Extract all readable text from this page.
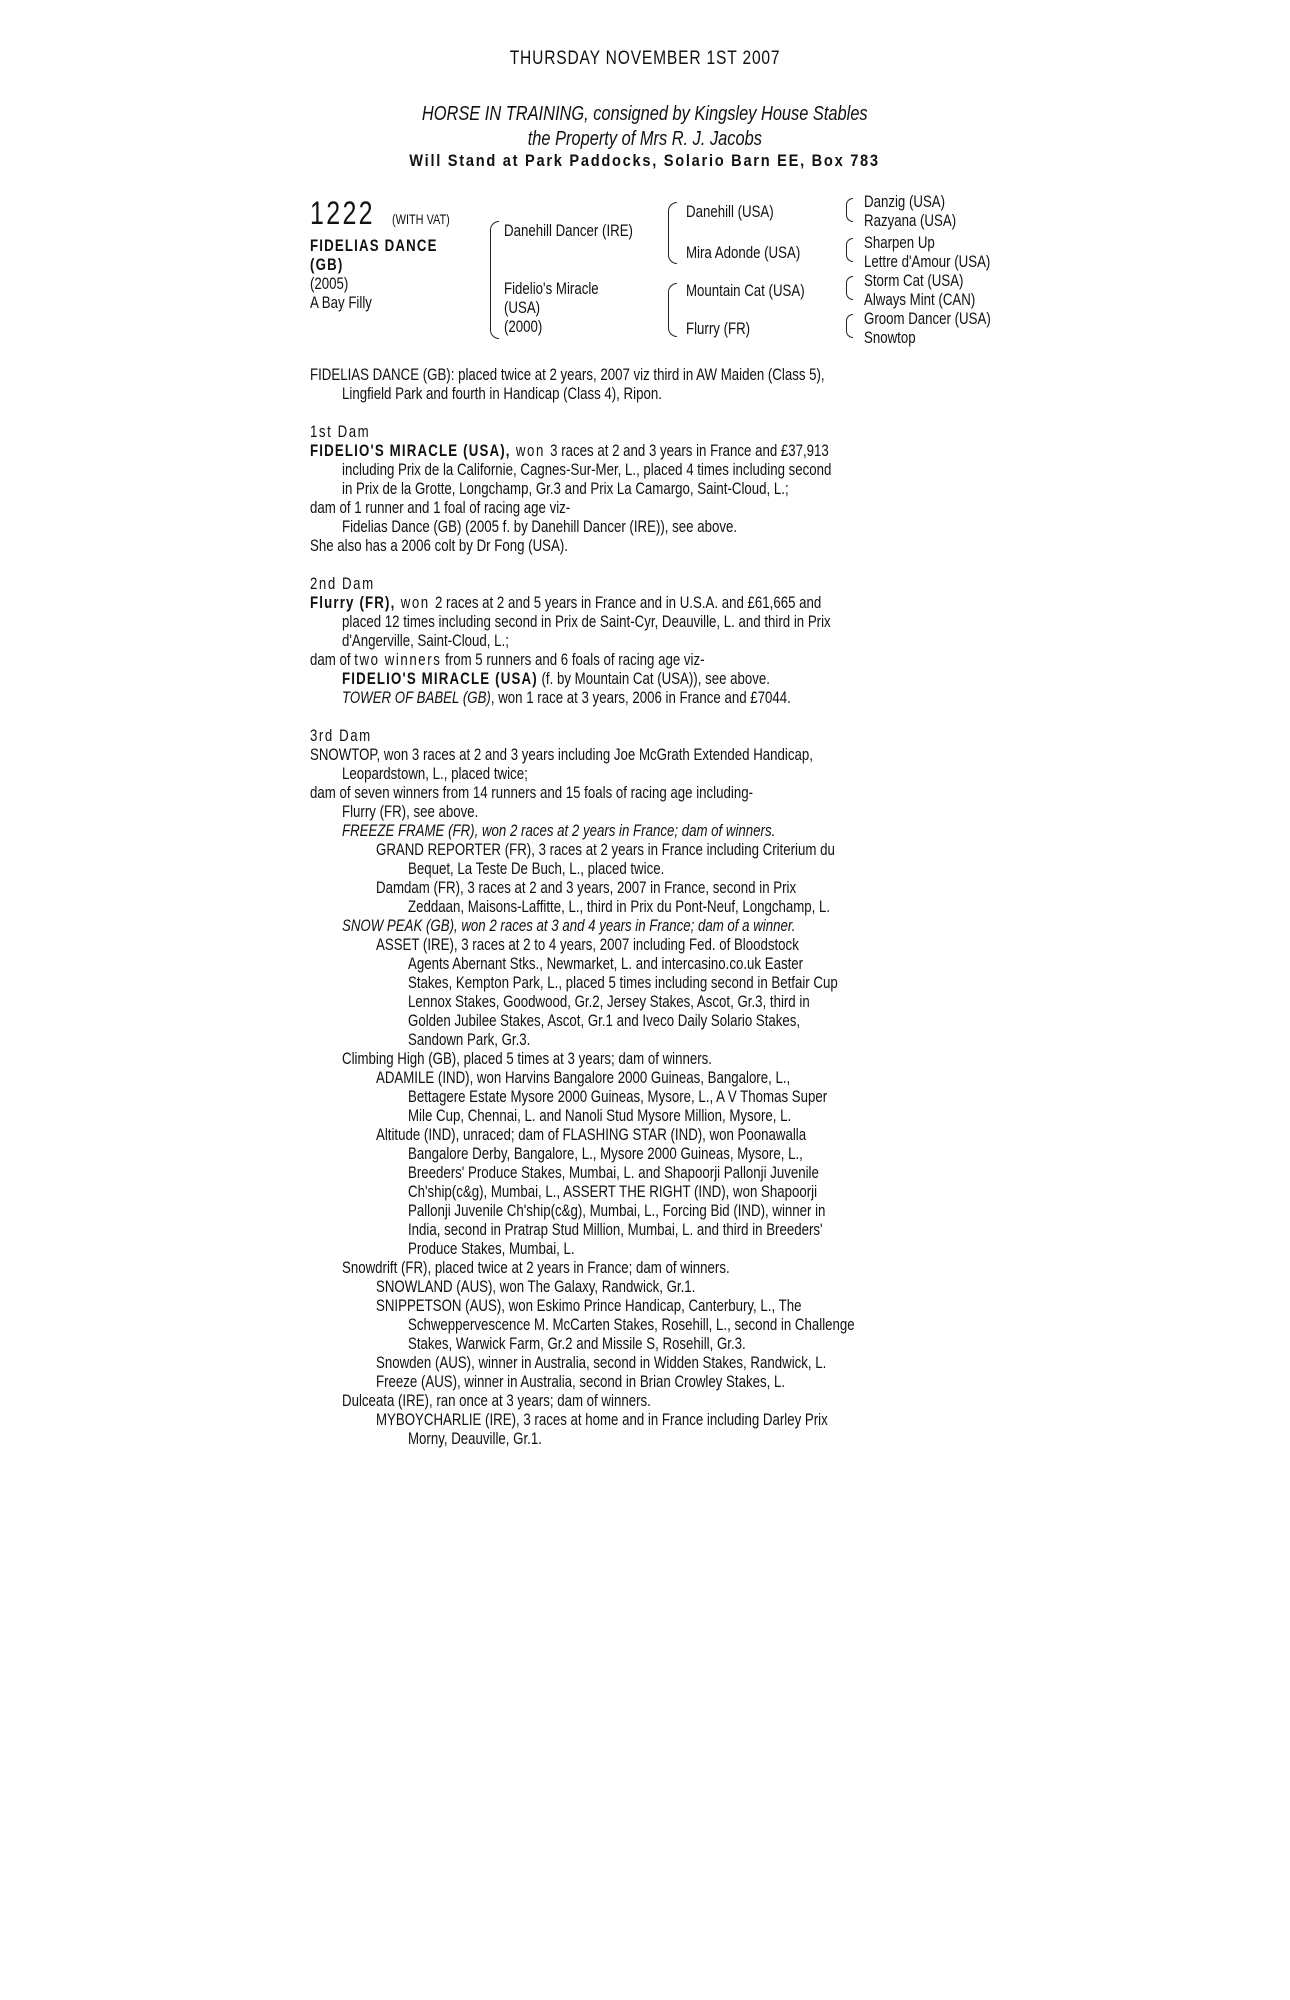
THURSDAY NOVEMBER 1ST 2007
HORSE IN TRAINING, consigned by Kingsley House Stables
the Property of Mrs R. J. Jacobs
Will Stand at Park Paddocks, Solario Barn EE, Box 783
1222	(WITH VAT)
FIDELIAS DANCE
(GB)
(2005)
A Bay Filly
Danehill Dancer (IRE)
Fidelio's Miracle
(USA)
(2000)
Danehill (USA)
Mira Adonde (USA)
Mountain Cat (USA)
Flurry (FR)
Danzig (USA)
Razyana (USA)
Sharpen Up
Lettre d'Amour (USA)
Storm Cat (USA)
Always Mint (CAN)
Groom Dancer (USA)
Snowtop
FIDELIAS DANCE (GB): placed twice at 2 years, 2007 viz third in AW Maiden (Class 5),
Lingfield Park and fourth in Handicap (Class 4), Ripon.
1st Dam
FIDELIO'S MIRACLE (USA), won 3 races at 2 and 3 years in France and £37,913
including Prix de la Californie, Cagnes-Sur-Mer, L., placed 4 times including second
in Prix de la Grotte, Longchamp, Gr.3 and Prix La Camargo, Saint-Cloud, L.;
dam of 1 runner and 1 foal of racing age viz-
Fidelias Dance (GB) (2005 f. by Danehill Dancer (IRE)), see above.
She also has a 2006 colt by Dr Fong (USA).
2nd Dam
Flurry (FR), won 2 races at 2 and 5 years in France and in U.S.A. and £61,665 and
placed 12 times including second in Prix de Saint-Cyr, Deauville, L. and third in Prix
d'Angerville, Saint-Cloud, L.;
dam of two winners from 5 runners and 6 foals of racing age viz-
FIDELIO'S MIRACLE (USA) (f. by Mountain Cat (USA)), see above.
TOWER OF BABEL (GB), won 1 race at 3 years, 2006 in France and £7044.
3rd Dam
SNOWTOP, won 3 races at 2 and 3 years including Joe McGrath Extended Handicap,
Leopardstown, L., placed twice;
dam of seven winners from 14 runners and 15 foals of racing age including-
Flurry (FR), see above.
FREEZE FRAME (FR), won 2 races at 2 years in France; dam of winners.
GRAND REPORTER (FR), 3 races at 2 years in France including Criterium du
Bequet, La Teste De Buch, L., placed twice.
Damdam (FR), 3 races at 2 and 3 years, 2007 in France, second in Prix
Zeddaan, Maisons-Laffitte, L., third in Prix du Pont-Neuf, Longchamp, L.
SNOW PEAK (GB), won 2 races at 3 and 4 years in France; dam of a winner.
ASSET (IRE), 3 races at 2 to 4 years, 2007 including Fed. of Bloodstock
Agents Abernant Stks., Newmarket, L. and intercasino.co.uk Easter
Stakes, Kempton Park, L., placed 5 times including second in Betfair Cup
Lennox Stakes, Goodwood, Gr.2, Jersey Stakes, Ascot, Gr.3, third in
Golden Jubilee Stakes, Ascot, Gr.1 and Iveco Daily Solario Stakes,
Sandown Park, Gr.3.
Climbing High (GB), placed 5 times at 3 years; dam of winners.
ADAMILE (IND), won Harvins Bangalore 2000 Guineas, Bangalore, L.,
Bettagere Estate Mysore 2000 Guineas, Mysore, L., A V Thomas Super
Mile Cup, Chennai, L. and Nanoli Stud Mysore Million, Mysore, L.
Altitude (IND), unraced; dam of FLASHING STAR (IND), won Poonawalla
Bangalore Derby, Bangalore, L., Mysore 2000 Guineas, Mysore, L.,
Breeders' Produce Stakes, Mumbai, L. and Shapoorji Pallonji Juvenile
Ch'ship(c&g), Mumbai, L., ASSERT THE RIGHT (IND), won Shapoorji
Pallonji Juvenile Ch'ship(c&g), Mumbai, L., Forcing Bid (IND), winner in
India, second in Pratrap Stud Million, Mumbai, L. and third in Breeders'
Produce Stakes, Mumbai, L.
Snowdrift (FR), placed twice at 2 years in France; dam of winners.
SNOWLAND (AUS), won The Galaxy, Randwick, Gr.1.
SNIPPETSON (AUS), won Eskimo Prince Handicap, Canterbury, L., The
Schweppervescence M. McCarten Stakes, Rosehill, L., second in Challenge
Stakes, Warwick Farm, Gr.2 and Missile S, Rosehill, Gr.3.
Snowden (AUS), winner in Australia, second in Widden Stakes, Randwick, L.
Freeze (AUS), winner in Australia, second in Brian Crowley Stakes, L.
Dulceata (IRE), ran once at 3 years; dam of winners.
MYBOYCHARLIE (IRE), 3 races at home and in France including Darley Prix
Morny, Deauville, Gr.1.
